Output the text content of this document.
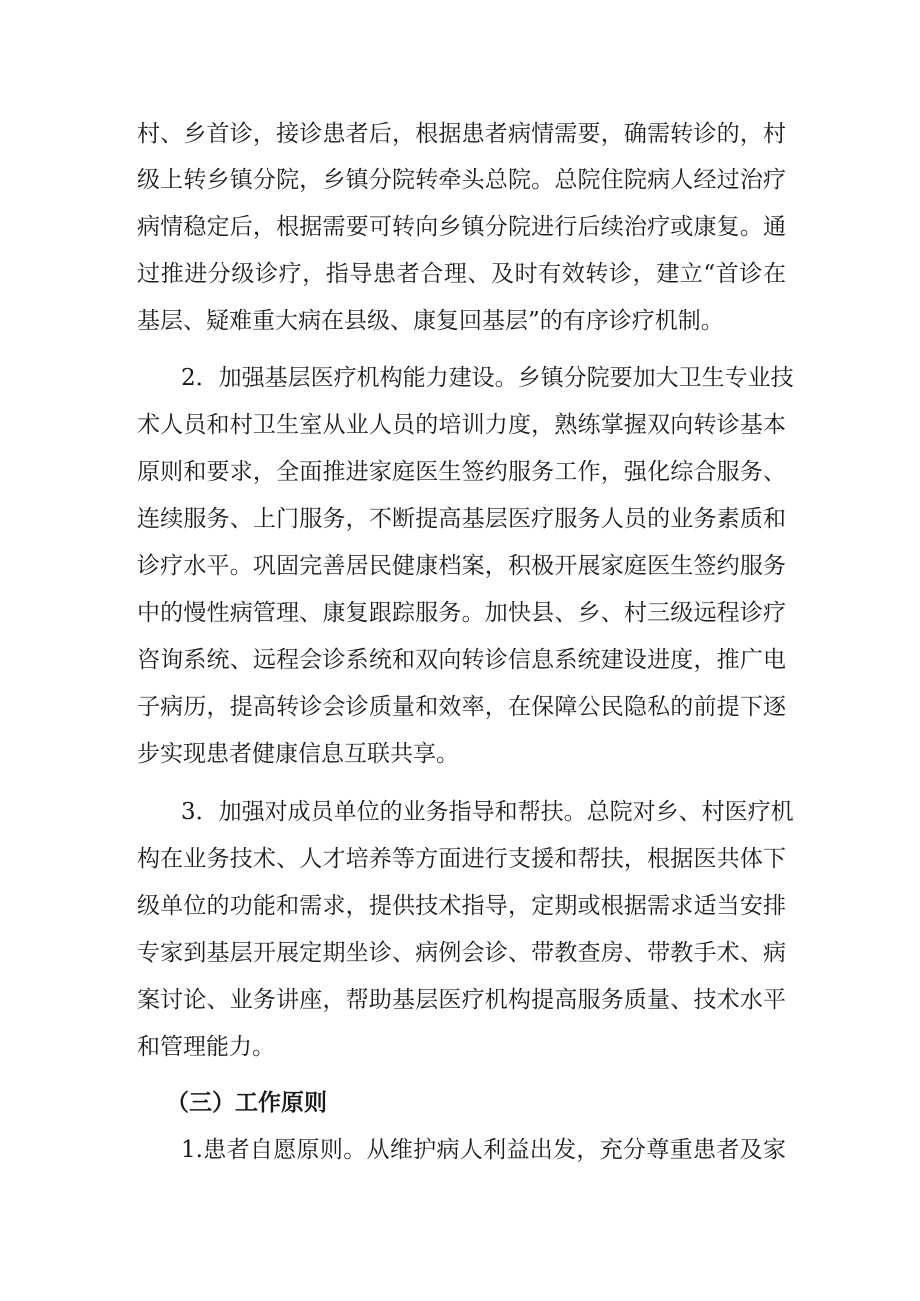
村、乡首诊，接诊患者后，根据患者病情需要，确需转诊的，村
级上转乡镇分院，乡镇分院转牵头总院。总院住院病人经过治疗
病情稳定后，根据需要可转向乡镇分院进行后续治疗或康复。通
过推进分级诊疗，指导患者合理、及时有效转诊，建立“首诊在
基层、疑难重大病在县级、康复回基层”的有序诊疗机制。
2．加强基层医疗机构能力建设。乡镇分院要加大卫生专业技
术人员和村卫生室从业人员的培训力度，熟练掌握双向转诊基本
原则和要求，全面推进家庭医生签约服务工作，强化综合服务、
连续服务、上门服务，不断提高基层医疗服务人员的业务素质和
诊疗水平。巩固完善居民健康档案，积极开展家庭医生签约服务
中的慢性病管理、康复跟踪服务。加快县、乡、村三级远程诊疗
咨询系统、远程会诊系统和双向转诊信息系统建设进度，推广电
子病历，提高转诊会诊质量和效率，在保障公民隐私的前提下逐
步实现患者健康信息互联共享。
3．加强对成员单位的业务指导和帮扶。总院对乡、村医疗机
构在业务技术、人才培养等方面进行支援和帮扶，根据医共体下
级单位的功能和需求，提供技术指导，定期或根据需求适当安排
专家到基层开展定期坐诊、病例会诊、带教查房、带教手术、病
案讨论、业务讲座，帮助基层医疗机构提高服务质量、技术水平
和管理能力。
（三）工作原则
1.患者自愿原则。从维护病人利益出发，充分尊重患者及家
